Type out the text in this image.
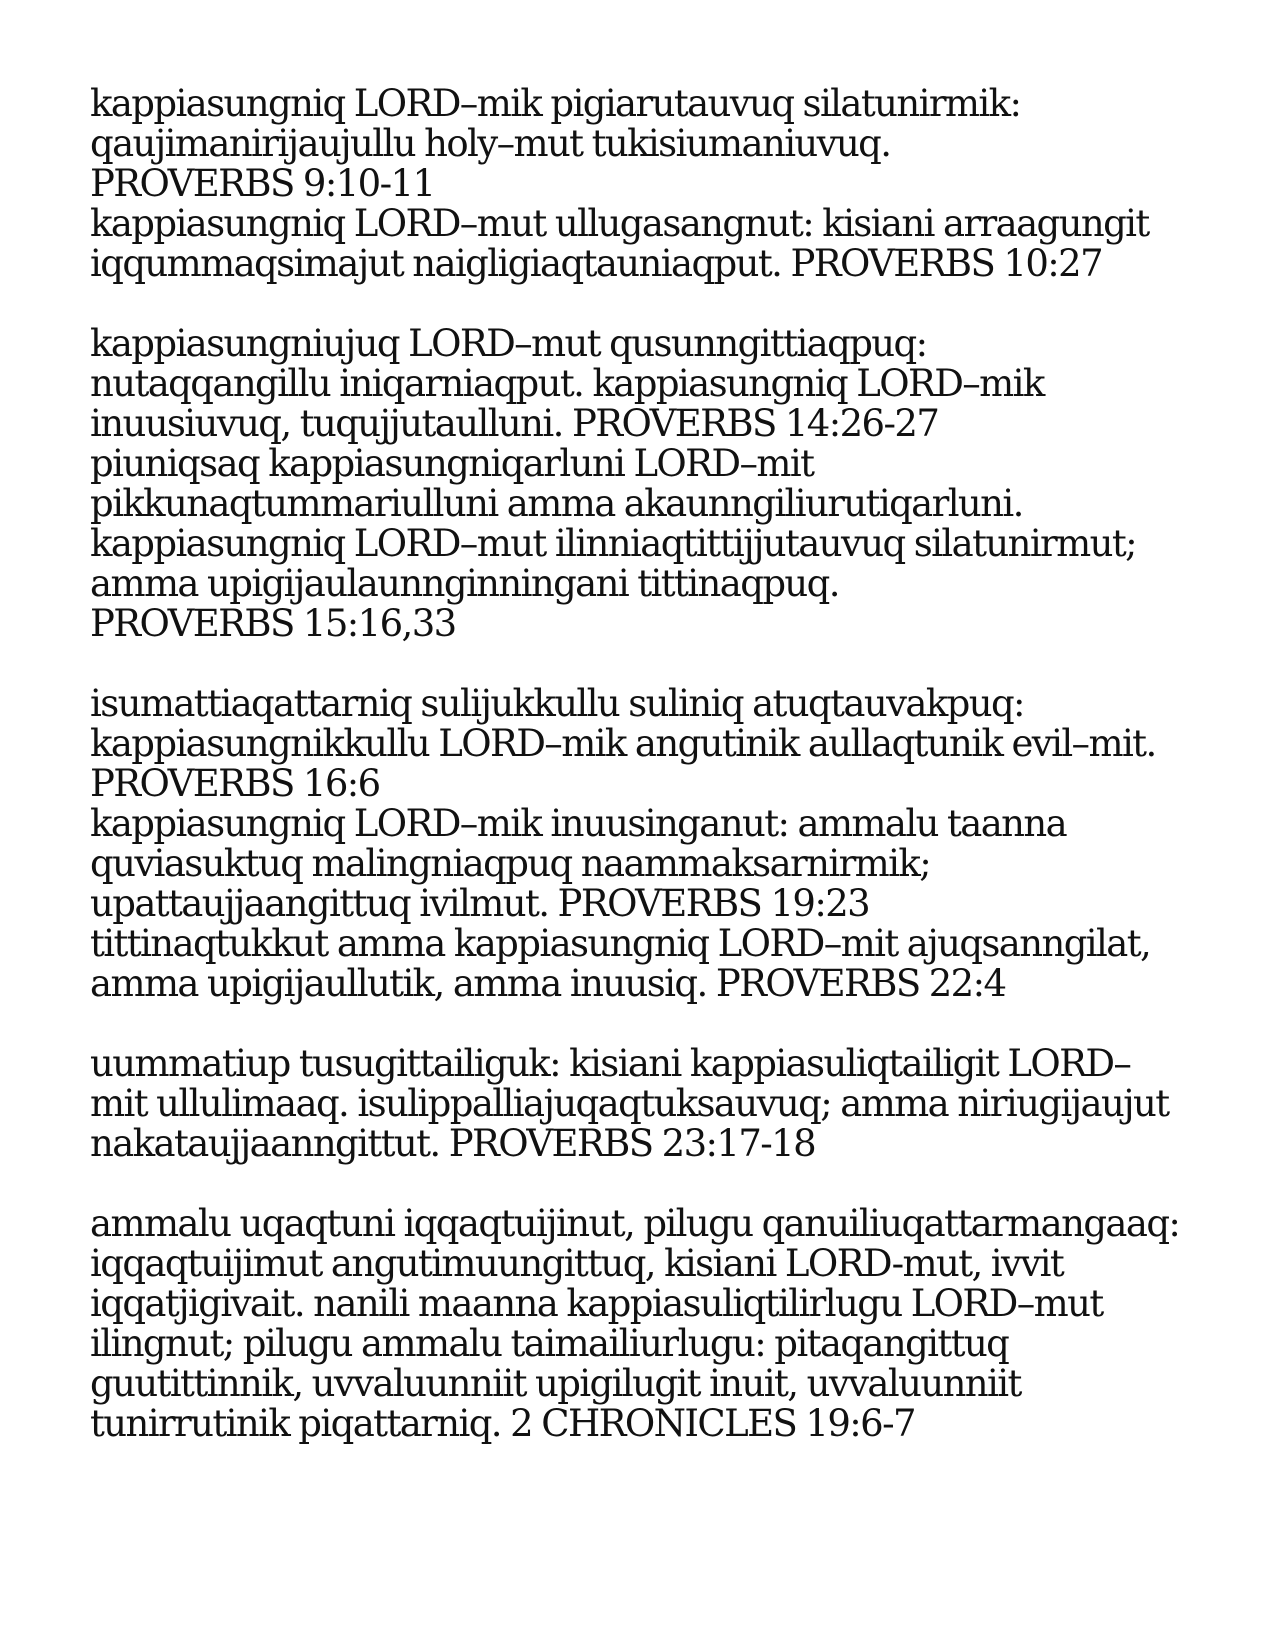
kappiasungniq LORD–mik pigiarutauvuq silatunirmik:
qaujimanirijaujullu holy–mut tukisiumaniuvuq.
PROVERBS 9:10-11
kappiasungniq LORD–mut ullugasangnut: kisiani arraagungit
iqqummaqsimajut naigligiaqtauniaqput. PROVERBS 10:27
kappiasungniujuq LORD–mut qusunngittiaqpuq:
nutaqqangillu iniqarniaqput. kappiasungniq LORD–mik
inuusiuvuq, tuqujjutaulluni. PROVERBS 14:26-27
piuniqsaq kappiasungniqarluni LORD–mit
pikkunaqtummariulluni amma akaunngiliurutiqarluni.
kappiasungniq LORD–mut ilinniaqtittijjutauvuq silatunirmut;
amma upigijaulaunnginningani tittinaqpuq.
PROVERBS 15:16,33
isumattiaqattarniq sulijukkullu suliniq atuqtauvakpuq:
kappiasungnikkullu LORD–mik angutinik aullaqtunik evil–mit.
PROVERBS 16:6
kappiasungniq LORD–mik inuusinganut: ammalu taanna
quviasuktuq malingniaqpuq naammaksarnirmik;
upattaujjaangittuq ivilmut. PROVERBS 19:23
tittinaqtukkut amma kappiasungniq LORD–mit ajuqsanngilat,
amma upigijaullutik, amma inuusiq. PROVERBS 22:4
uummatiup tusugittailiguk: kisiani kappiasuliqtailigit LORD–
mit ullulimaaq. isulippalliajuqaqtuksauvuq; amma niriugijaujut
nakataujjaanngittut. PROVERBS 23:17-18
ammalu uqaqtuni iqqaqtuijinut, pilugu qanuiliuqattarmangaaq:
iqqaqtuijimut angutimuungittuq, kisiani LORD-mut, ivvit
iqqatjigivait. nanili maanna kappiasuliqtilirlugu LORD–mut
ilingnut; pilugu ammalu taimailiurlugu: pitaqangittuq
guutittinnik, uvvaluunniit upigilugit inuit, uvvaluunniit
tunirrutinik piqattarniq. 2 CHRONICLES 19:6-7
